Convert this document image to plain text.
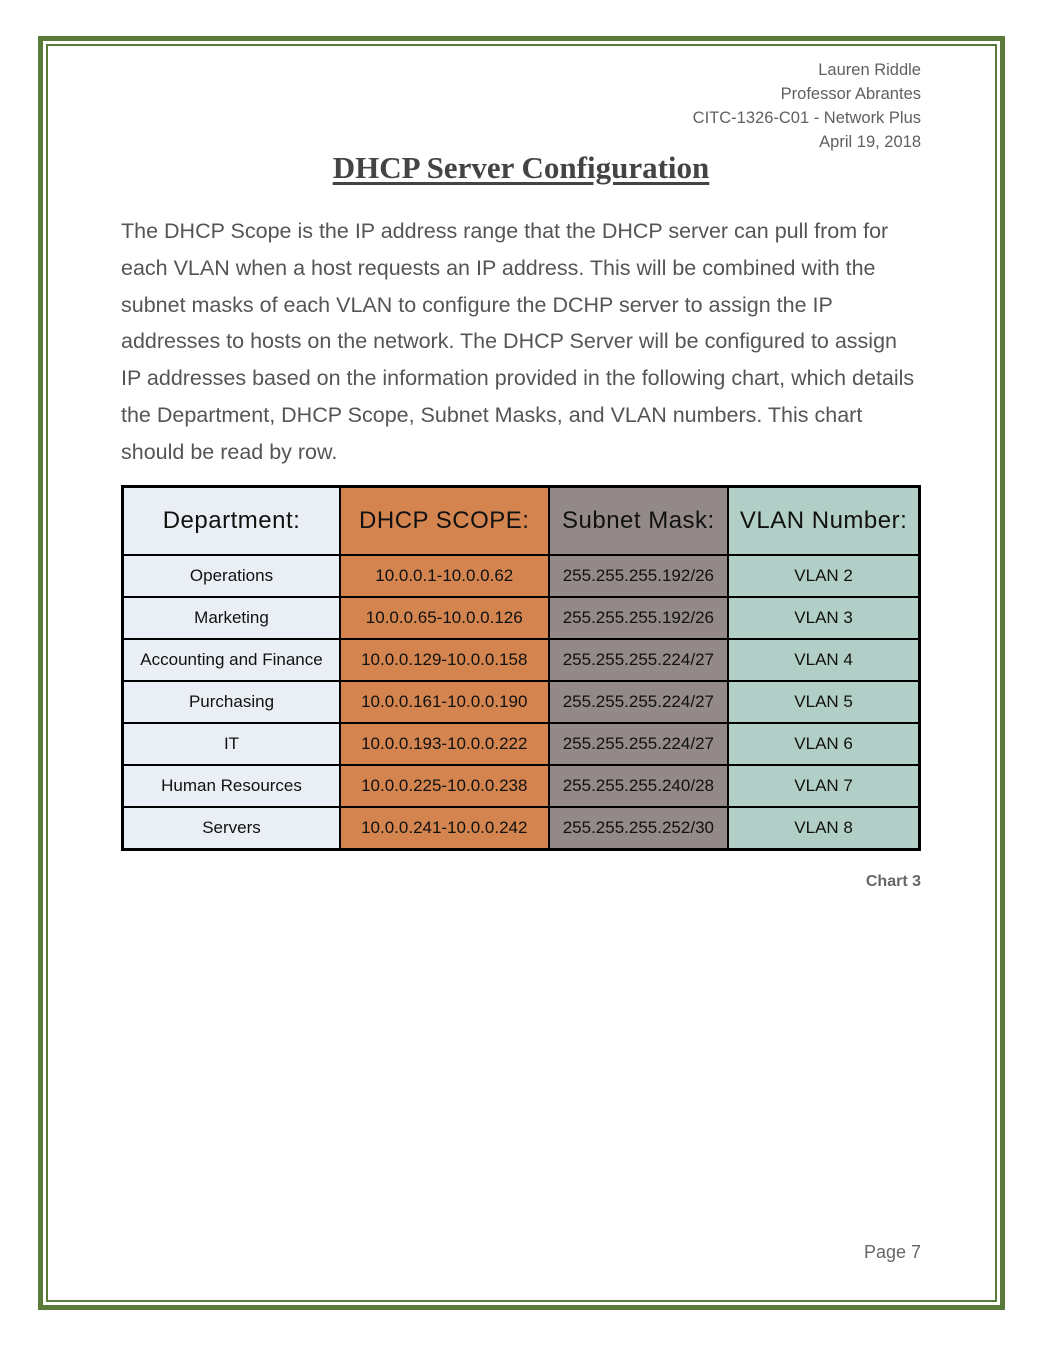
Lauren Riddle
Professor Abrantes
CITC-1326-C01 - Network Plus
April 19, 2018
DHCP Server Configuration
The DHCP Scope is the IP address range that the DHCP server can pull from for each VLAN when a host requests an IP address. This will be combined with the subnet masks of each VLAN to configure the DCHP server to assign the IP addresses to hosts on the network. The DHCP Server will be configured to assign IP addresses based on the information provided in the following chart, which details the Department, DHCP Scope, Subnet Masks, and VLAN numbers. This chart should be read by row.
Department:	DHCP SCOPE:	Subnet Mask:	VLAN Number:
Operations	10.0.0.1-10.0.0.62	255.255.255.192/26	VLAN 2
Marketing	10.0.0.65-10.0.0.126	255.255.255.192/26	VLAN 3
Accounting and Finance	10.0.0.129-10.0.0.158	255.255.255.224/27	VLAN 4
Purchasing	10.0.0.161-10.0.0.190	255.255.255.224/27	VLAN 5
IT	10.0.0.193-10.0.0.222	255.255.255.224/27	VLAN 6
Human Resources	10.0.0.225-10.0.0.238	255.255.255.240/28	VLAN 7
Servers	10.0.0.241-10.0.0.242	255.255.255.252/30	VLAN 8
Chart 3
Page 7
